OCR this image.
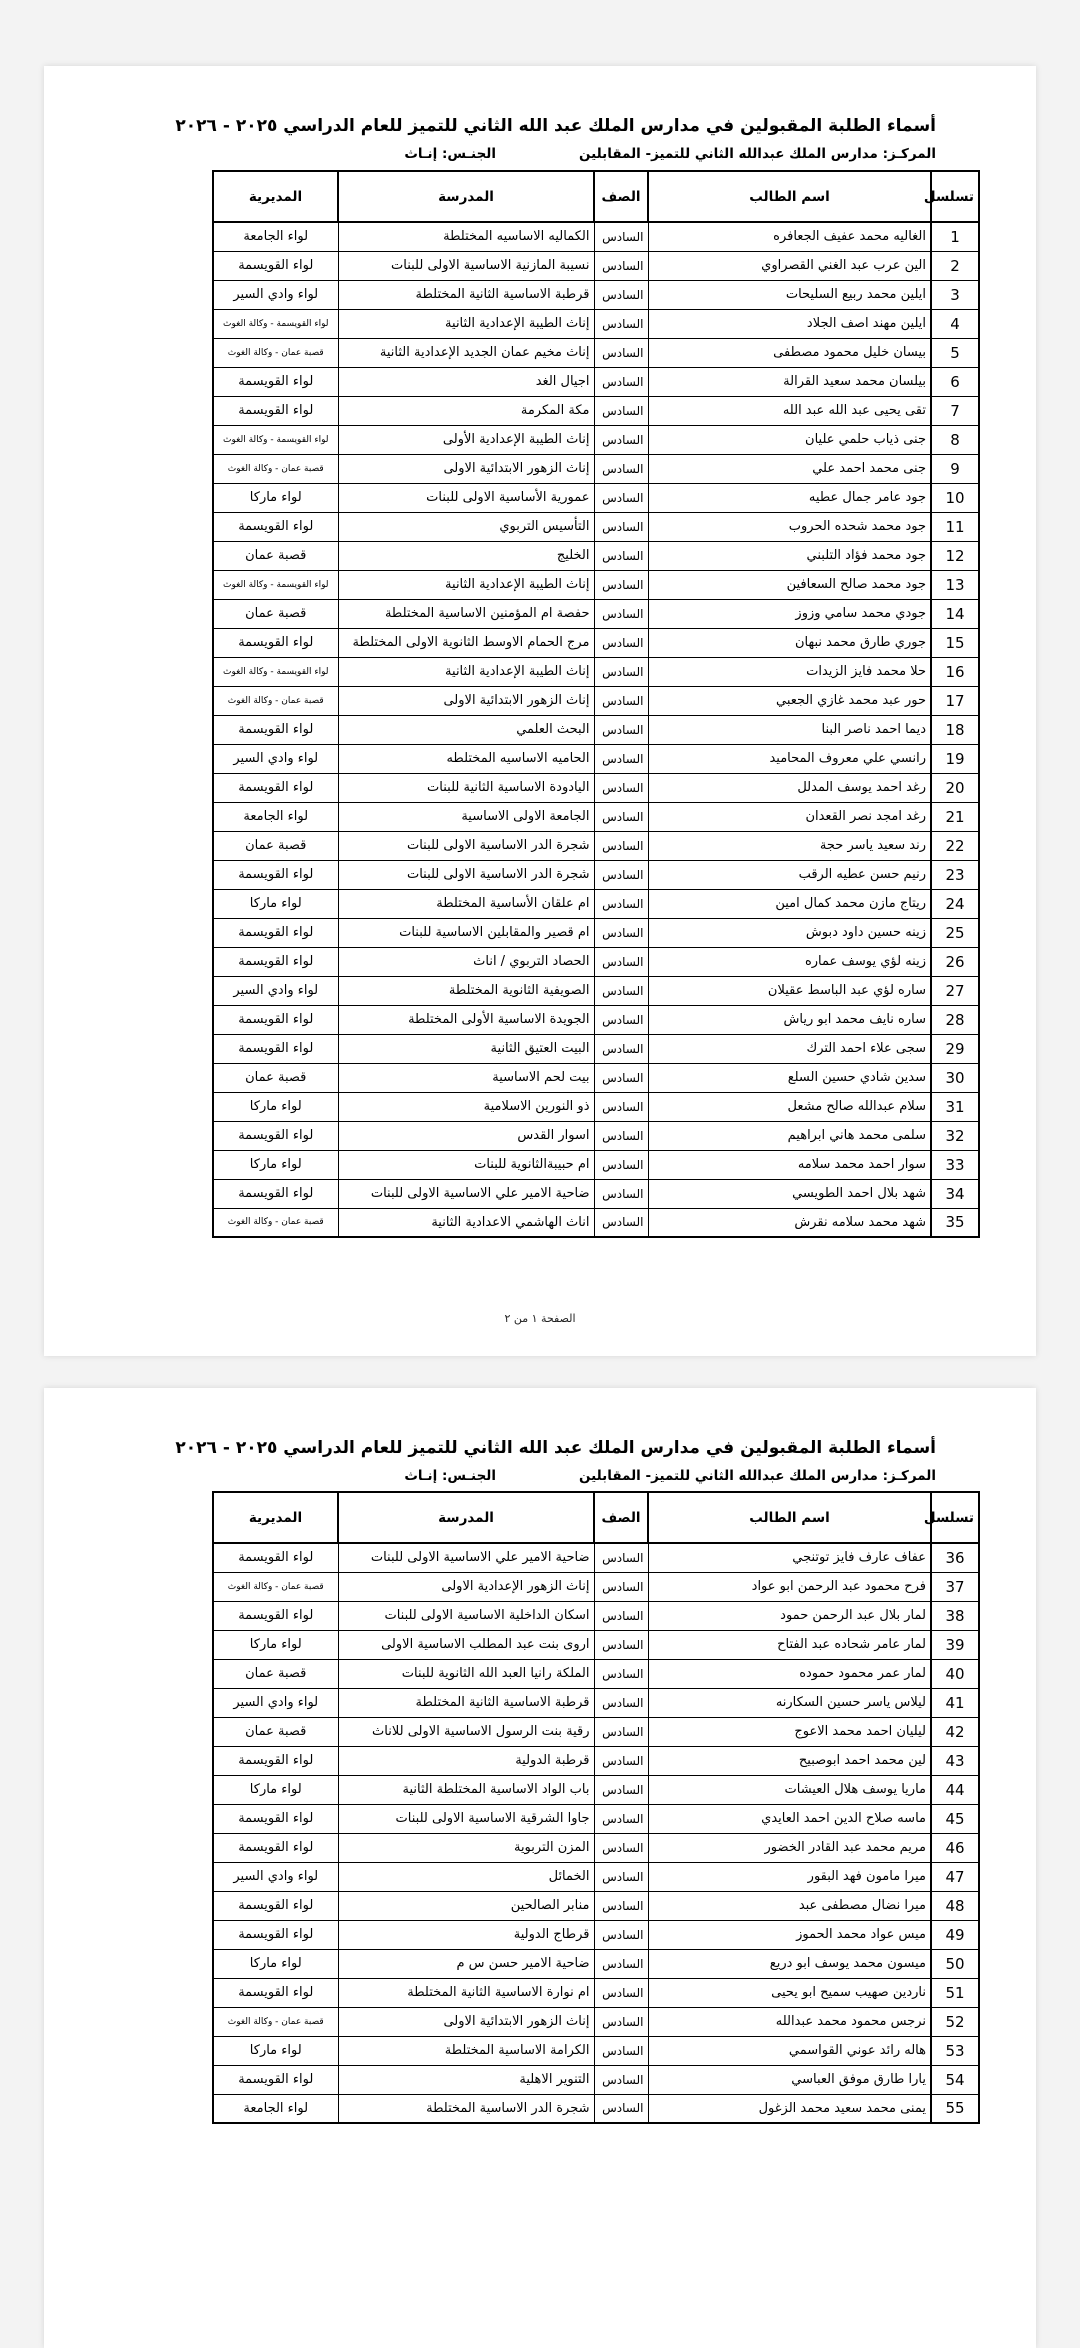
أسماء الطلبة المقبولين في مدارس الملك عبد الله الثاني للتميز للعام الدراسي ٢٠٢٥ - ٢٠٢٦
المركـز: مدارس الملك عبدالله الثاني للتميز- المقابلين
الجنـس: إنـاث
تسلسل	اسم الطالب	الصف	المدرسة	المديرية
1	الغاليه محمد عفيف الجعافره	السادس	الكماليه الاساسيه المختلطة	لواء الجامعة
2	الين عرب عبد الغني القصراوي	السادس	نسيبة المازنية الاساسية الاولى للبنات	لواء القويسمة
3	ايلين محمد ربيع السليحات	السادس	قرطبة الاساسية الثانية المختلطة	لواء وادي السير
4	ايلين مهند اصف الجلاد	السادس	إناث الطيبة الإعدادية الثانية	لواء القويسمة - وكالة الغوث
5	بيسان خليل محمود مصطفى	السادس	إناث مخيم عمان الجديد الإعدادية الثانية	قصبة عمان - وكالة الغوث
6	بيلسان محمد سعيد القرالة	السادس	اجيال الغد	لواء القويسمة
7	تقى يحيى عبد الله عبد الله	السادس	مكة المكرمة	لواء القويسمة
8	جنى ذياب حلمي عليان	السادس	إناث الطيبة الإعدادية الأولى	لواء القويسمة - وكالة الغوث
9	جنى محمد احمد علي	السادس	إناث الزهور الابتدائية الاولى	قصبة عمان - وكالة الغوث
10	جود عامر جمال عطيه	السادس	عمورية الأساسية الاولى للبنات	لواء ماركا
11	جود محمد شحده الحروب	السادس	التأسيس التربوي	لواء القويسمة
12	جود محمد فؤاد التلبني	السادس	الخليج	قصبة عمان
13	جود محمد صالح السعافين	السادس	إناث الطيبة الإعدادية الثانية	لواء القويسمة - وكالة الغوث
14	جودي محمد سامي وزوز	السادس	حفصة ام المؤمنين الاساسية المختلطة	قصبة عمان
15	جوري طارق محمد نبهان	السادس	مرج الحمام الاوسط الثانوية الاولى المختلطة	لواء القويسمة
16	حلا محمد فايز الزيدات	السادس	إناث الطيبة الإعدادية الثانية	لواء القويسمة - وكالة الغوث
17	حور عبد محمد غازي الجعبي	السادس	إناث الزهور الابتدائية الاولى	قصبة عمان - وكالة الغوث
18	ديما احمد ناصر البنا	السادس	البحث العلمي	لواء القويسمة
19	رانسي علي معروف المحاميد	السادس	الحاميه الاساسيه المختلطه	لواء وادي السير
20	رغد احمد يوسف المدلل	السادس	اليادودة الاساسية الثانية للبنات	لواء القويسمة
21	رغد امجد نصر القعدان	السادس	الجامعة الاولى الاساسية	لواء الجامعة
22	رند سعيد ياسر حجة	السادس	شجرة الدر الاساسية الاولى للبنات	قصبة عمان
23	رنيم حسن عطيه الرقب	السادس	شجرة الدر الاساسية الاولى للبنات	لواء القويسمة
24	ريتاج مازن محمد كمال امين	السادس	ام علقان الأساسية المختلطة	لواء ماركا
25	زينه حسين داود دبوش	السادس	ام قصير والمقابلين الاساسية للبنات	لواء القويسمة
26	زينه لؤي يوسف عماره	السادس	الحصاد التربوي / اناث	لواء القويسمة
27	ساره لؤي عبد الباسط عقيلان	السادس	الصويفية الثانوية المختلطة	لواء وادي السير
28	ساره نايف محمد ابو رياش	السادس	الجويدة الاساسية الأولى المختلطة	لواء القويسمة
29	سجى علاء احمد الترك	السادس	البيت العتيق الثانية	لواء القويسمة
30	سدين شادي حسين السلع	السادس	بيت لحم الاساسية	قصبة عمان
31	سلام عبدالله صالح مشعل	السادس	ذو النورين الاسلامية	لواء ماركا
32	سلمى محمد هاني ابراهيم	السادس	اسوار القدس	لواء القويسمة
33	سوار احمد محمد سلامه	السادس	ام حبيبةالثانوية للبنات	لواء ماركا
34	شهد بلال احمد الطويسي	السادس	ضاحية الامير علي الاساسية الاولى للبنات	لواء القويسمة
35	شهد محمد سلامه نقرش	السادس	اناث الهاشمي الاعدادية الثانية	قصبة عمان - وكالة الغوث
الصفحة ١ من ٢
أسماء الطلبة المقبولين في مدارس الملك عبد الله الثاني للتميز للعام الدراسي ٢٠٢٥ - ٢٠٢٦
المركـز: مدارس الملك عبدالله الثاني للتميز- المقابلين
الجنـس: إنـاث
تسلسل	اسم الطالب	الصف	المدرسة	المديرية
36	عفاف عارف فايز توتنجي	السادس	ضاحية الامير علي الاساسية الاولى للبنات	لواء القويسمة
37	فرح محمود عبد الرحمن ابو عواد	السادس	إناث الزهور الإعدادية الاولى	قصبة عمان - وكالة الغوث
38	لمار بلال عبد الرحمن حمود	السادس	اسكان الداخلية الاساسية الاولى للبنات	لواء القويسمة
39	لمار عامر شحاده عبد الفتاح	السادس	اروى بنت عبد المطلب الاساسية الاولى	لواء ماركا
40	لمار عمر محمود حموده	السادس	الملكة رانيا العبد الله الثانوية للبنات	قصبة عمان
41	ليلاس ياسر حسين السكارنه	السادس	قرطبة الاساسية الثانية المختلطة	لواء وادي السير
42	ليليان احمد محمد الاعوج	السادس	رقية بنت الرسول الاساسية الاولى للاناث	قصبة عمان
43	لين محمد احمد ابوصبيح	السادس	قرطبة الدولية	لواء القويسمة
44	ماريا يوسف هلال العيشات	السادس	باب الواد الاساسية المختلطة الثانية	لواء ماركا
45	ماسه صلاح الدين احمد العايدي	السادس	جاوا الشرقية الاساسية الاولى للبنات	لواء القويسمة
46	مريم محمد عبد القادر الخضور	السادس	المزن التربوية	لواء القويسمة
47	ميرا مامون فهد البقور	السادس	الخمائل	لواء وادي السير
48	ميرا نضال مصطفى عبد	السادس	منابر الصالحين	لواء القويسمة
49	ميس عواد محمد الحموز	السادس	قرطاج الدولية	لواء القويسمة
50	ميسون محمد يوسف ابو دريع	السادس	ضاحية الامير حسن س م	لواء ماركا
51	ناردين صهيب سميح ابو يحيى	السادس	ام نوارة الاساسية الثانية المختلطة	لواء القويسمة
52	نرجس محمود محمد عبدالله	السادس	إناث الزهور الابتدائية الاولى	قصبة عمان - وكالة الغوث
53	هاله رائد عوني القواسمي	السادس	الكرامة الاساسية المختلطة	لواء ماركا
54	يارا طارق موفق العباسي	السادس	التنوير الاهلية	لواء القويسمة
55	يمنى محمد سعيد محمد الزغول	السادس	شجرة الدر الاساسية المختلطة	لواء الجامعة
